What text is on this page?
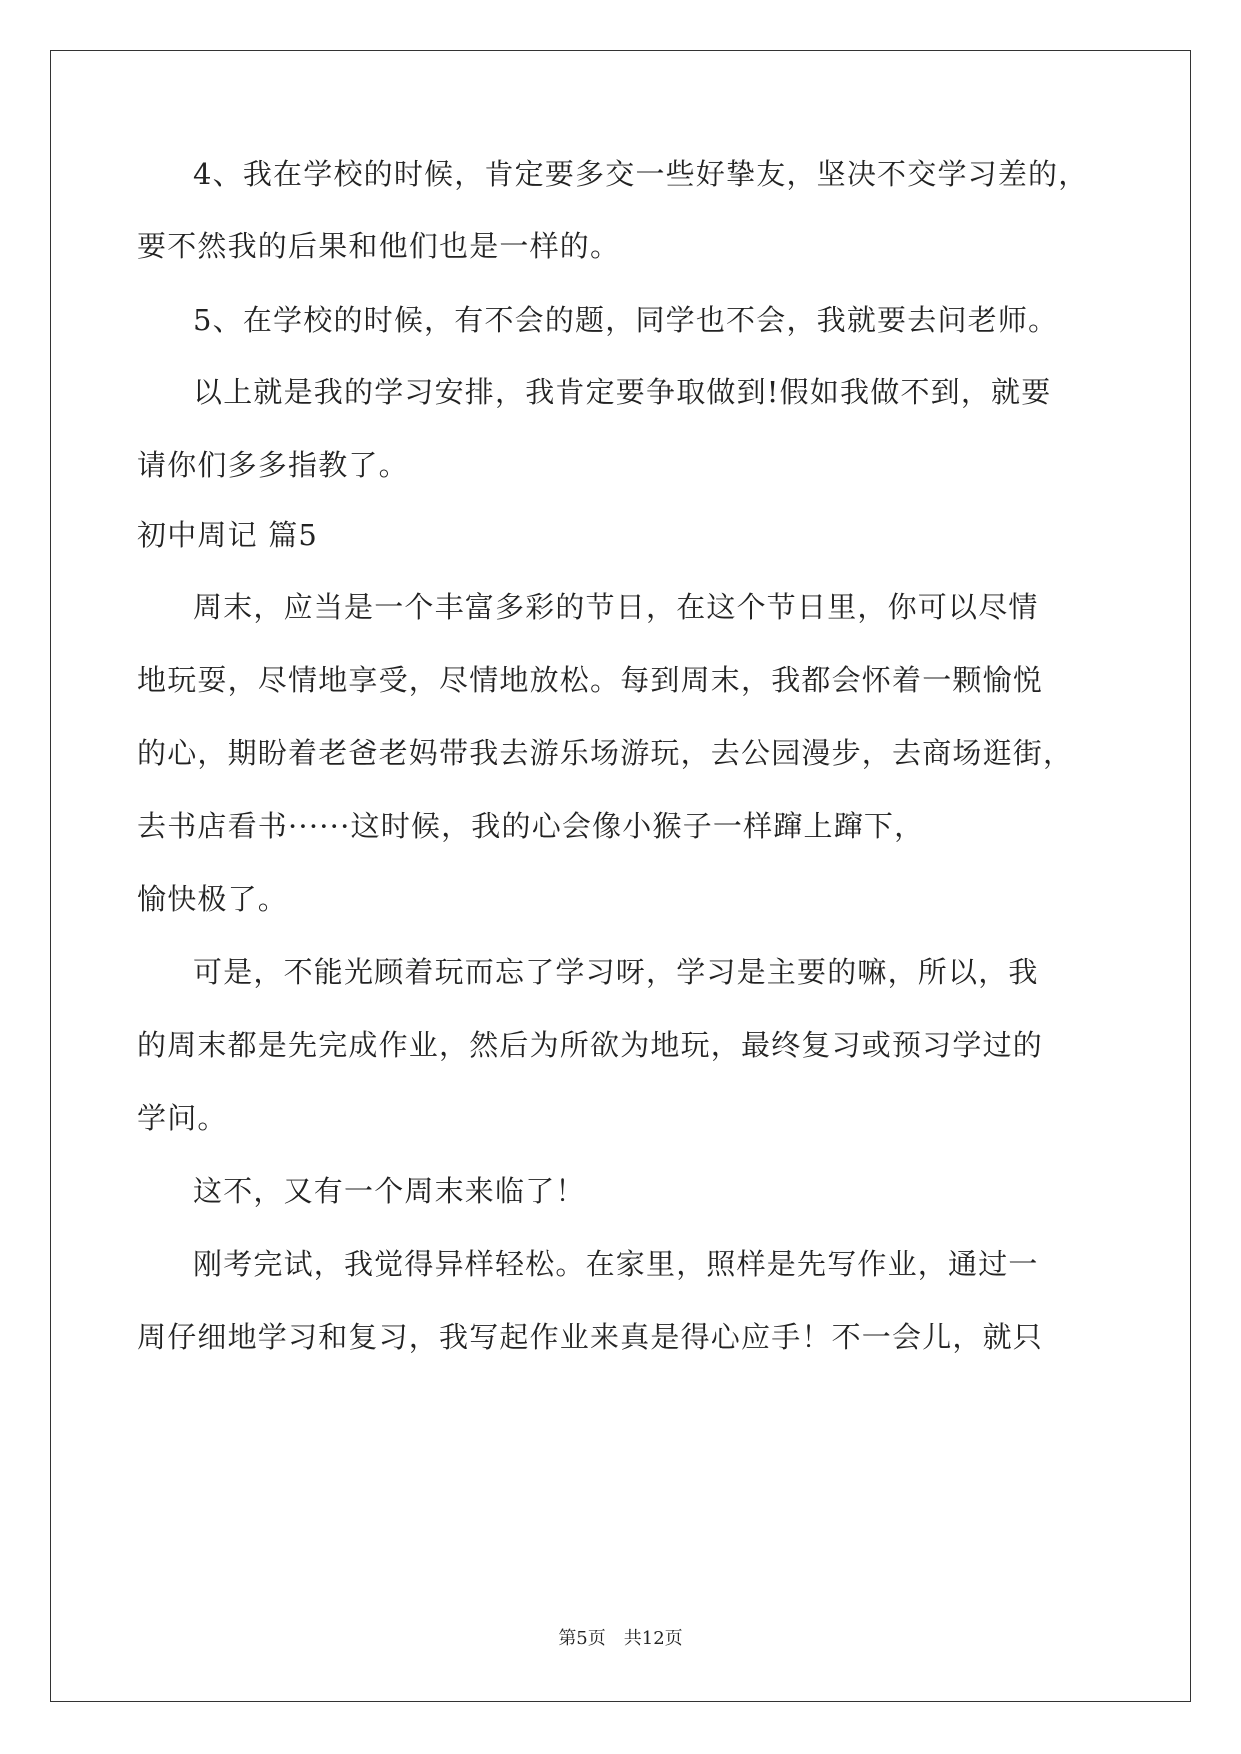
4、我在学校的时候，肯定要多交一些好挚友，坚决不交学习差的，
要不然我的后果和他们也是一样的。
5、在学校的时候，有不会的题，同学也不会，我就要去问老师。
以上就是我的学习安排，我肯定要争取做到!假如我做不到，就要
请你们多多指教了。
初中周记 篇5
周末，应当是一个丰富多彩的节日，在这个节日里，你可以尽情
地玩耍，尽情地享受，尽情地放松。每到周末，我都会怀着一颗愉悦
的心，期盼着老爸老妈带我去游乐场游玩，去公园漫步，去商场逛街，
去书店看书······这时候，我的心会像小猴子一样蹿上蹿下，
愉快极了。
可是，不能光顾着玩而忘了学习呀，学习是主要的嘛，所以，我
的周末都是先完成作业，然后为所欲为地玩，最终复习或预习学过的
学问。
这不，又有一个周末来临了！
刚考完试，我觉得异样轻松。在家里，照样是先写作业，通过一
周仔细地学习和复习，我写起作业来真是得心应手！不一会儿，就只
第5页　共12页
